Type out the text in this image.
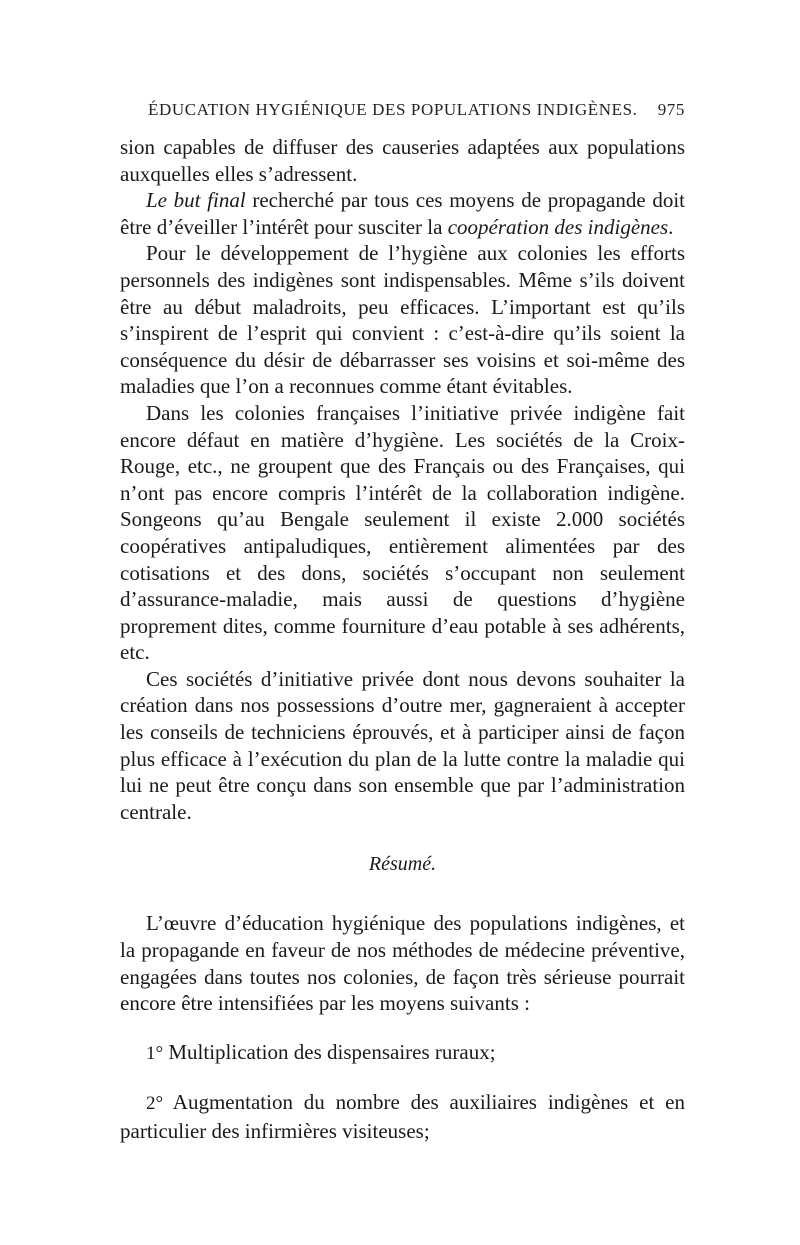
ÉDUCATION HYGIÉNIQUE DES POPULATIONS INDIGÈNES. 975

sion capables de diffuser des causeries adaptées aux populations auxquelles elles s’adressent.

Le but final recherché par tous ces moyens de propagande doit être d’éveiller l’intérêt pour susciter la coopération des indigènes.

Pour le développement de l’hygiène aux colonies les efforts personnels des indigènes sont indispensables. Même s’ils doivent être au début maladroits, peu efficaces. L’important est qu’ils s’inspirent de l’esprit qui convient : c’est-à-dire qu’ils soient la conséquence du désir de débarrasser ses voisins et soi-même des maladies que l’on a reconnues comme étant évitables.

Dans les colonies françaises l’initiative privée indigène fait encore défaut en matière d’hygiène. Les sociétés de la Croix-Rouge, etc., ne groupent que des Français ou des Françaises, qui n’ont pas encore compris l’intérêt de la collaboration indigène. Songeons qu’au Bengale seulement il existe 2.000 sociétés coopératives antipaludiques, entièrement alimentées par des cotisations et des dons, sociétés s’occupant non seulement d’assurance-maladie, mais aussi de questions d’hygiène proprement dites, comme fourniture d’eau potable à ses adhérents, etc.

Ces sociétés d’initiative privée dont nous devons souhaiter la création dans nos possessions d’outre mer, gagneraient à accepter les conseils de techniciens éprouvés, et à participer ainsi de façon plus efficace à l’exécution du plan de la lutte contre la maladie qui lui ne peut être conçu dans son ensemble que par l’administration centrale.

Résumé.

L’œuvre d’éducation hygiénique des populations indigènes, et la propagande en faveur de nos méthodes de médecine préventive, engagées dans toutes nos colonies, de façon très sérieuse pourrait encore être intensifiées par les moyens suivants :

1° Multiplication des dispensaires ruraux;

2° Augmentation du nombre des auxiliaires indigènes et en particulier des infirmières visiteuses;
